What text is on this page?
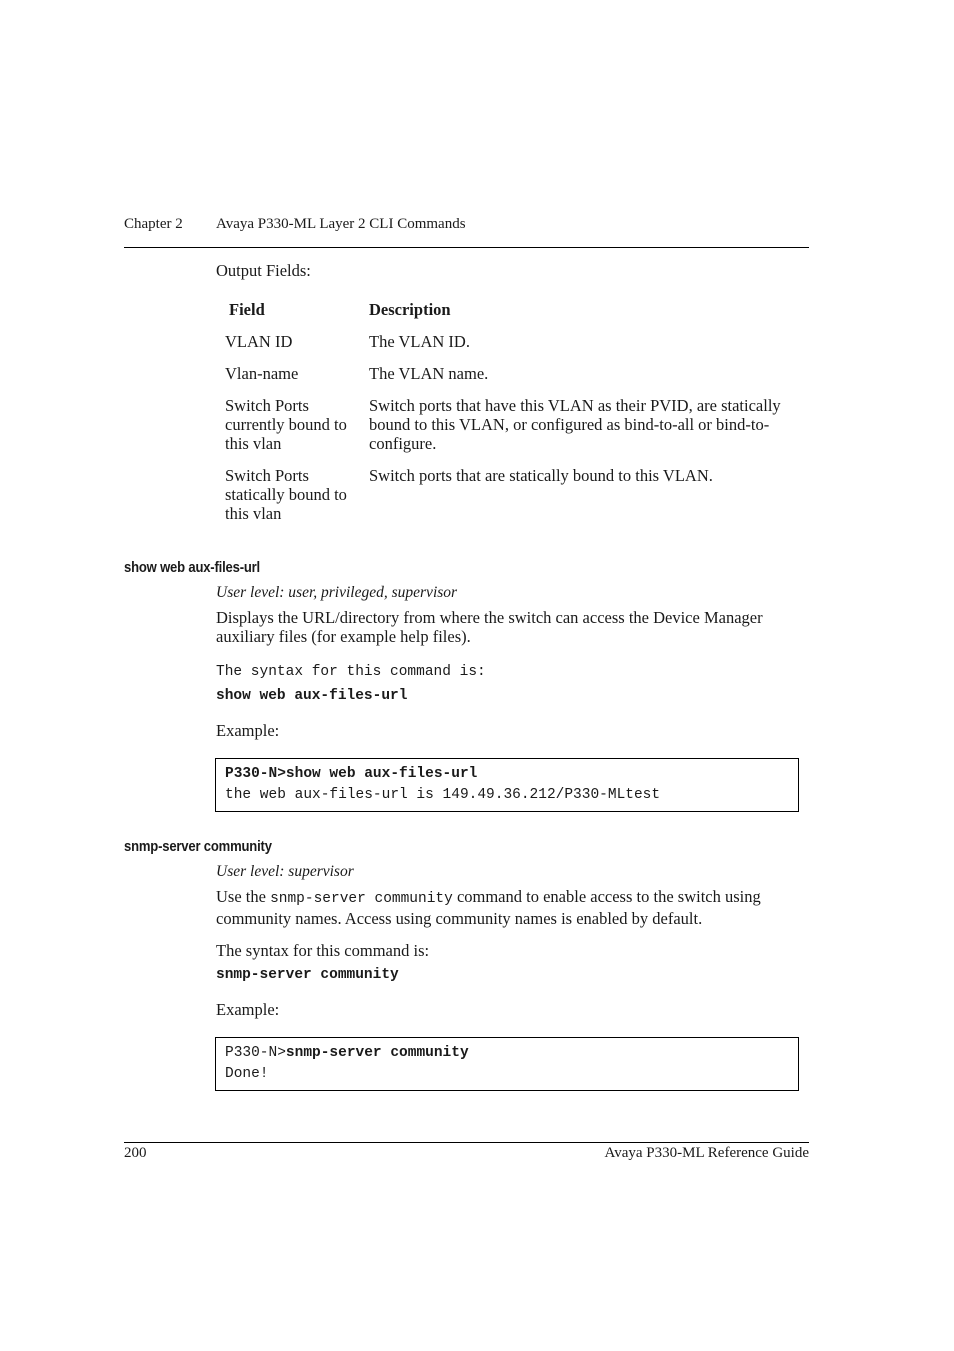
Chapter 2 Avaya P330-ML Layer 2 CLI Commands
Output Fields:
Field	Description
VLAN ID	The VLAN ID.
Vlan-name	The VLAN name.
Switch Ports currently bound to this vlan	Switch ports that have this VLAN as their PVID, are statically bound to this VLAN, or configured as bind-to-all or bind-to-configure.
Switch Ports statically bound to this vlan	Switch ports that are statically bound to this VLAN.
show web aux-files-url
User level: user, privileged, supervisor
Displays the URL/directory from where the switch can access the Device Manager auxiliary files (for example help files).
The syntax for this command is:
show web aux-files-url
Example:
P330-N>show web aux-files-url
the web aux-files-url is 149.49.36.212/P330-MLtest
snmp-server community
User level: supervisor
Use the snmp-server community command to enable access to the switch using community names. Access using community names is enabled by default.
The syntax for this command is:
snmp-server community
Example:
P330-N>snmp-server community
Done!
200	Avaya P330-ML Reference Guide
